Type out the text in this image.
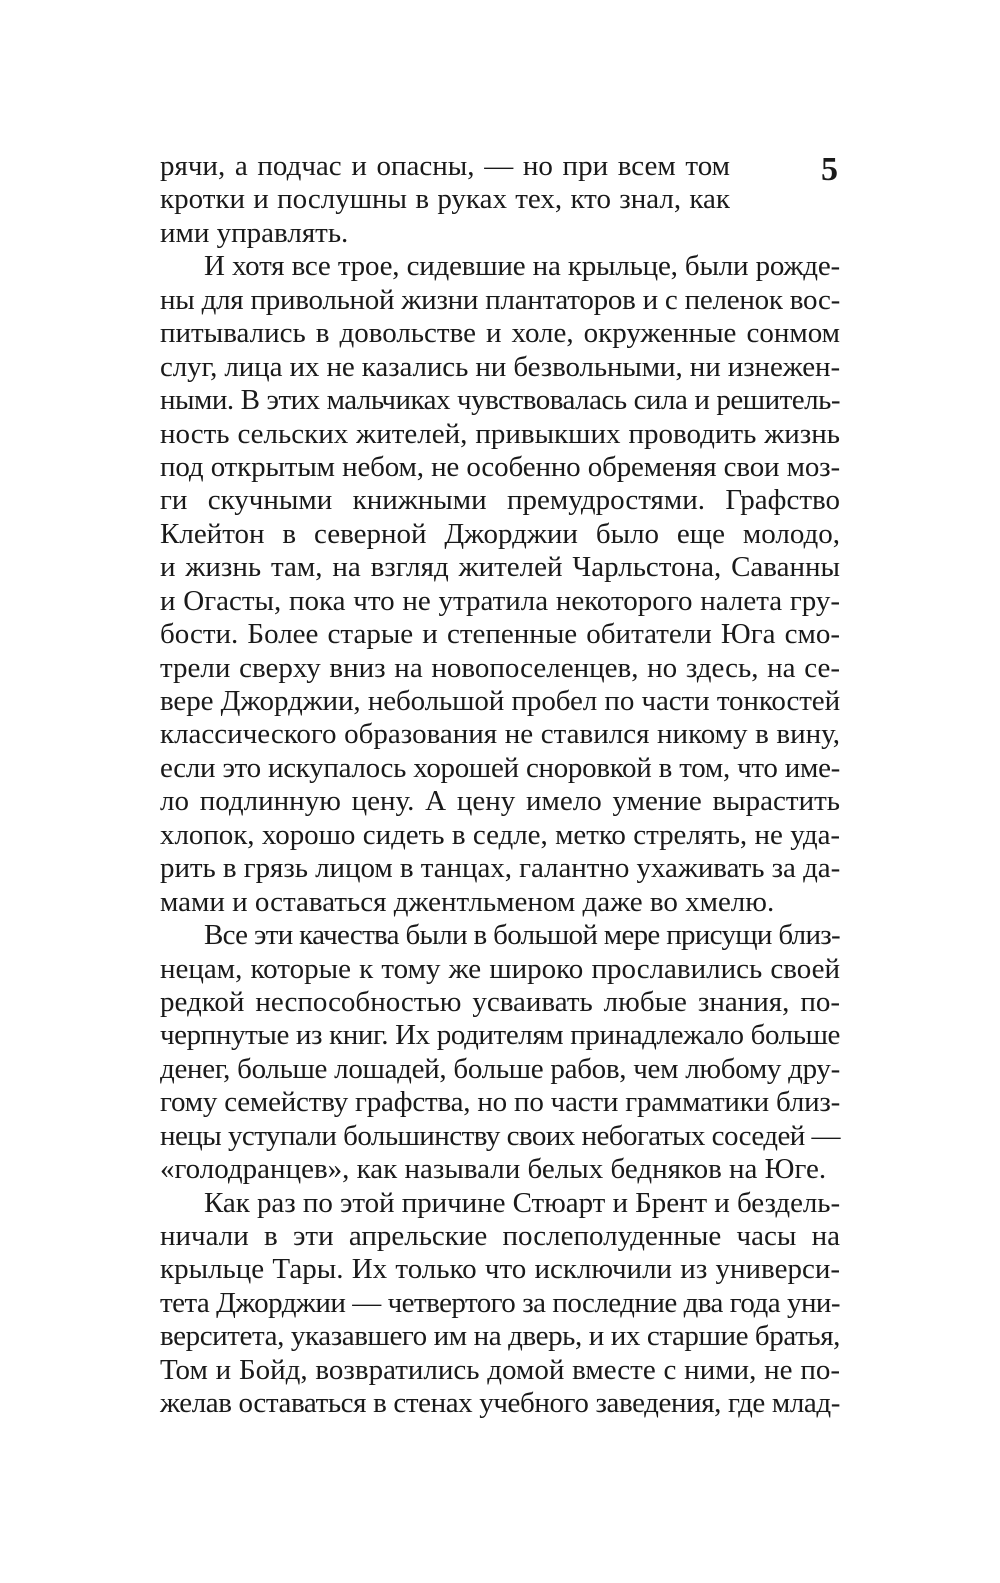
5
рячи, а подчас и опасны, — но при всем том
кротки и послушны в руках тех, кто знал, как
ими управлять.
И хотя все трое, сидевшие на крыльце, были рожде-
ны для привольной жизни плантаторов и с пеленок вос-
питывались в довольстве и холе, окруженные сонмом
слуг, лица их не казались ни безвольными, ни изнежен-
ными. В этих мальчиках чувствовалась сила и решитель-
ность сельских жителей, привыкших проводить жизнь
под открытым небом, не особенно обременяя свои моз-
ги скучными книжными премудростями. Графство
Клейтон в северной Джорджии было еще молодо,
и жизнь там, на взгляд жителей Чарльстона, Саванны
и Огасты, пока что не утратила некоторого налета гру-
бости. Более старые и степенные обитатели Юга смо-
трели сверху вниз на новопоселенцев, но здесь, на се-
вере Джорджии, небольшой пробел по части тонкостей
классического образования не ставился никому в вину,
если это искупалось хорошей сноровкой в том, что име-
ло подлинную цену. А цену имело умение вырастить
хлопок, хорошо сидеть в седле, метко стрелять, не уда-
рить в грязь лицом в танцах, галантно ухаживать за да-
мами и оставаться джентльменом даже во хмелю.
Все эти качества были в большой мере присущи близ-
нецам, которые к тому же широко прославились своей
редкой неспособностью усваивать любые знания, по-
черпнутые из книг. Их родителям принадлежало больше
денег, больше лошадей, больше рабов, чем любому дру-
гому семейству графства, но по части грамматики близ-
нецы уступали большинству своих небогатых соседей —
«голодранцев», как называли белых бедняков на Юге.
Как раз по этой причине Стюарт и Брент и бездель-
ничали в эти апрельские послеполуденные часы на
крыльце Тары. Их только что исключили из универси-
тета Джорджии — четвертого за последние два года уни-
верситета, указавшего им на дверь, и их старшие братья,
Том и Бойд, возвратились домой вместе с ними, не по-
желав оставаться в стенах учебного заведения, где млад-
